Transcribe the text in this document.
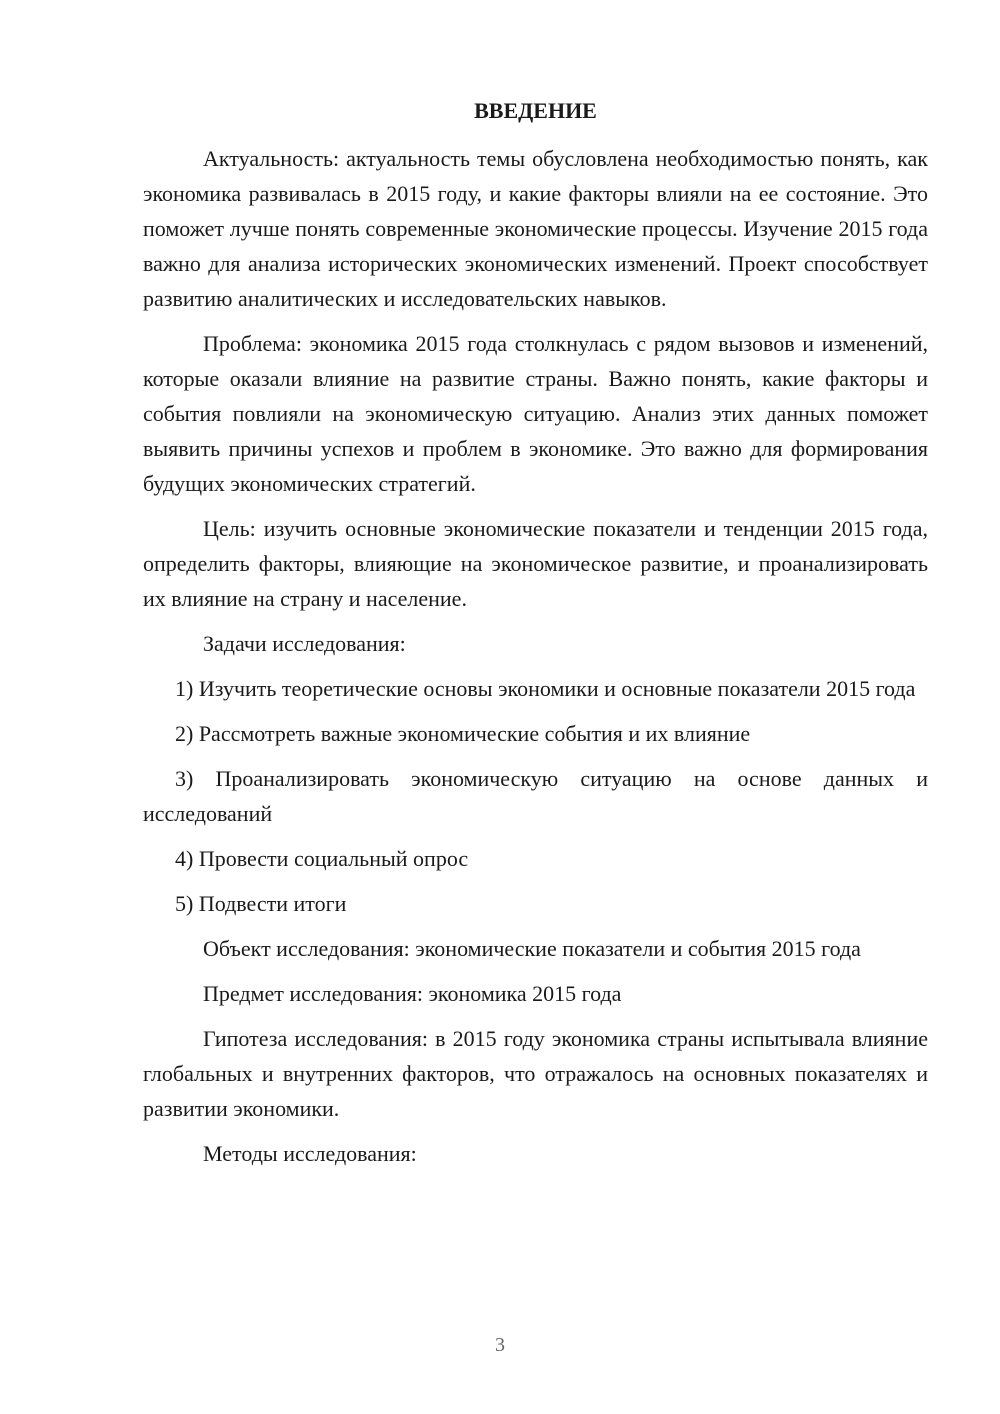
ВВЕДЕНИЕ

Актуальность: актуальность темы обусловлена необходимостью понять, как экономика развивалась в 2015 году, и какие факторы влияли на ее состояние. Это поможет лучше понять современные экономические процессы. Изучение 2015 года важно для анализа исторических экономических изменений. Проект способствует развитию аналитических и исследовательских навыков.

Проблема: экономика 2015 года столкнулась с рядом вызовов и изменений, которые оказали влияние на развитие страны. Важно понять, какие факторы и события повлияли на экономическую ситуацию. Анализ этих данных поможет выявить причины успехов и проблем в экономике. Это важно для формирования будущих экономических стратегий.

Цель: изучить основные экономические показатели и тенденции 2015 года, определить факторы, влияющие на экономическое развитие, и проанализировать их влияние на страну и население.

Задачи исследования:

1) Изучить теоретические основы экономики и основные показатели 2015 года

2) Рассмотреть важные экономические события и их влияние

3) Проанализировать экономическую ситуацию на основе данных и исследований

4) Провести социальный опрос

5) Подвести итоги

Объект исследования: экономические показатели и события 2015 года

Предмет исследования: экономика 2015 года

Гипотеза исследования: в 2015 году экономика страны испытывала влияние глобальных и внутренних факторов, что отражалось на основных показателях и развитии экономики.

Методы исследования:

3
